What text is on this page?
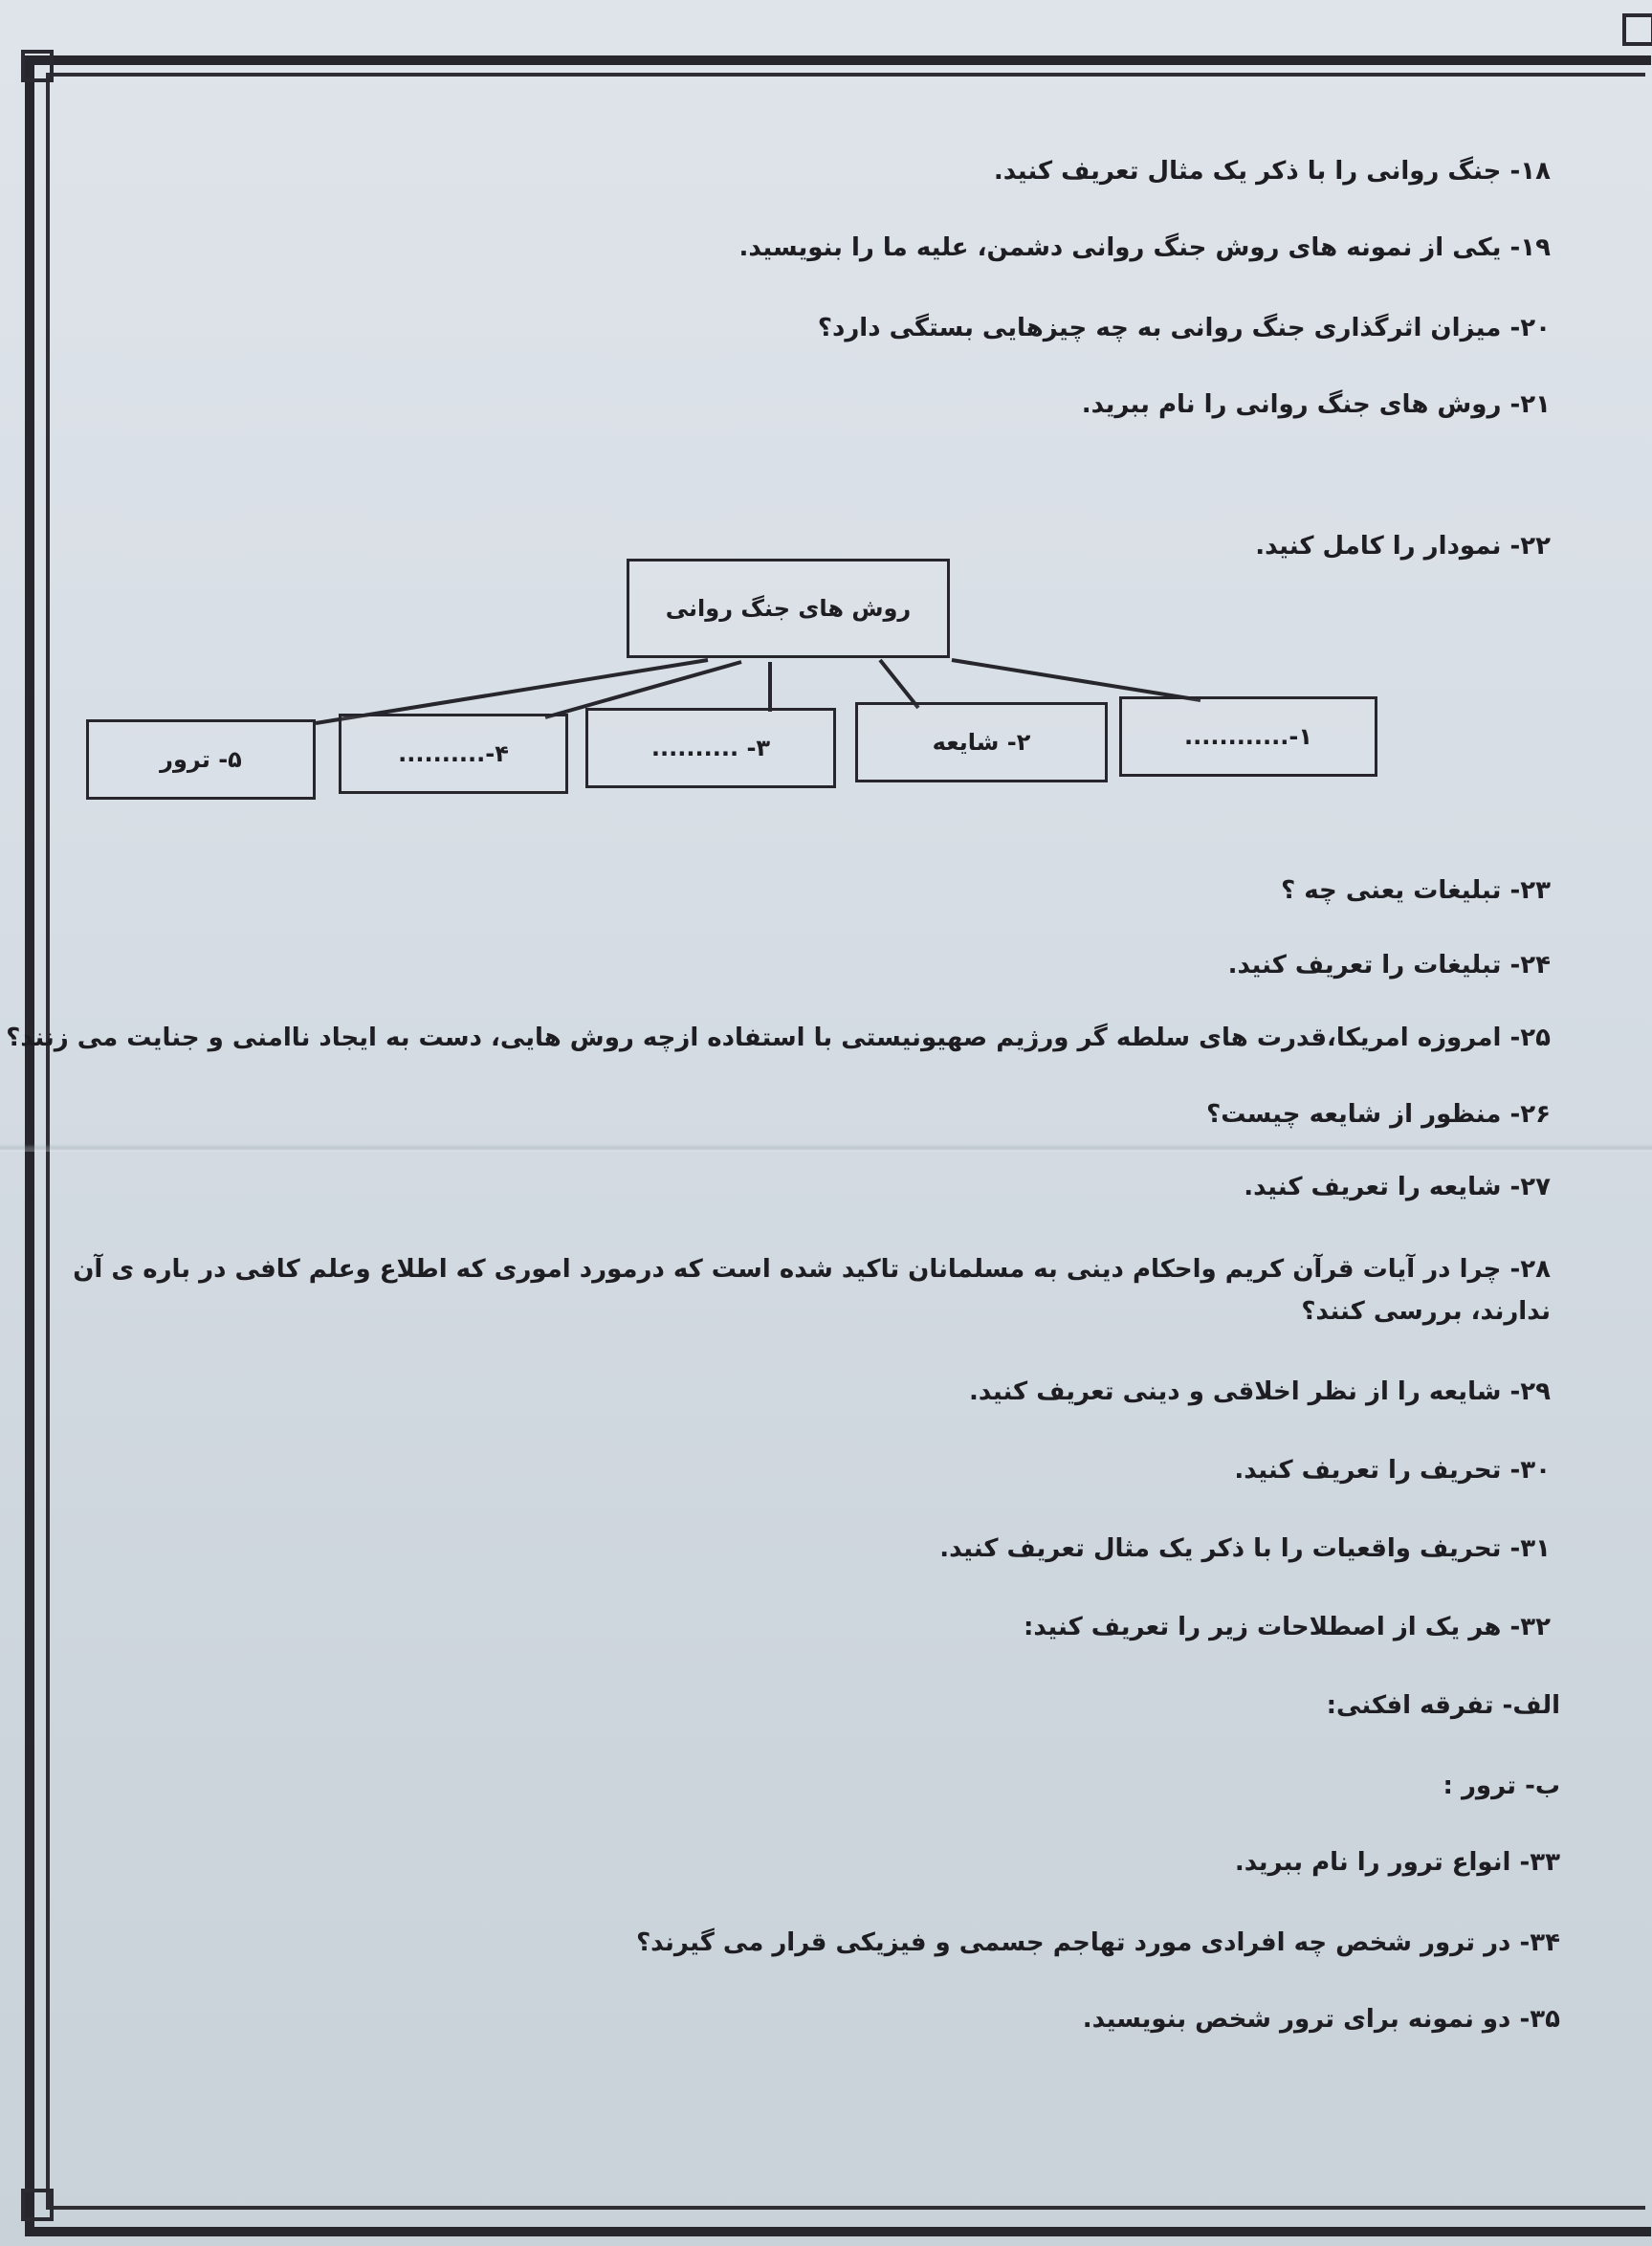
۱۸- جنگ روانی را با ذکر یک مثال تعریف کنید.
۱۹- یکی از نمونه های روش جنگ روانی دشمن، علیه ما را بنویسید.
۲۰- میزان اثرگذاری جنگ روانی به چه چیزهایی بستگی دارد؟
۲۱- روش های جنگ روانی را نام ببرید.
۲۲- نمودار را کامل کنید.
روش های جنگ روانی
۱-............
۲- شایعه
۳- ..........
۴-..........
۵- ترور
۲۳- تبلیغات یعنی چه ؟
۲۴- تبلیغات را تعریف کنید.
۲۵- امروزه امریکا،قدرت های سلطه گر ورژیم صهیونیستی با استفاده ازچه روش هایی، دست به ایجاد ناامنی و جنایت می زنند؟
۲۶- منظور از شایعه چیست؟
۲۷- شایعه را تعریف کنید.
۲۸- چرا در آیات قرآن کریم واحکام دینی به مسلمانان تاکید شده است که درمورد اموری که اطلاع وعلم کافی در باره ی آن
ندارند، بررسی کنند؟
۲۹- شایعه را از نظر اخلاقی و دینی تعریف کنید.
۳۰- تحریف را تعریف کنید.
۳۱- تحریف واقعیات را با ذکر یک مثال تعریف کنید.
۳۲- هر یک از اصطلاحات زیر را تعریف کنید:
الف- تفرقه افکنی:
ب- ترور :
۳۳- انواع ترور را نام ببرید.
۳۴- در ترور شخص چه افرادی مورد تهاجم جسمی و فیزیکی قرار می گیرند؟
۳۵- دو نمونه برای ترور شخص بنویسید.
